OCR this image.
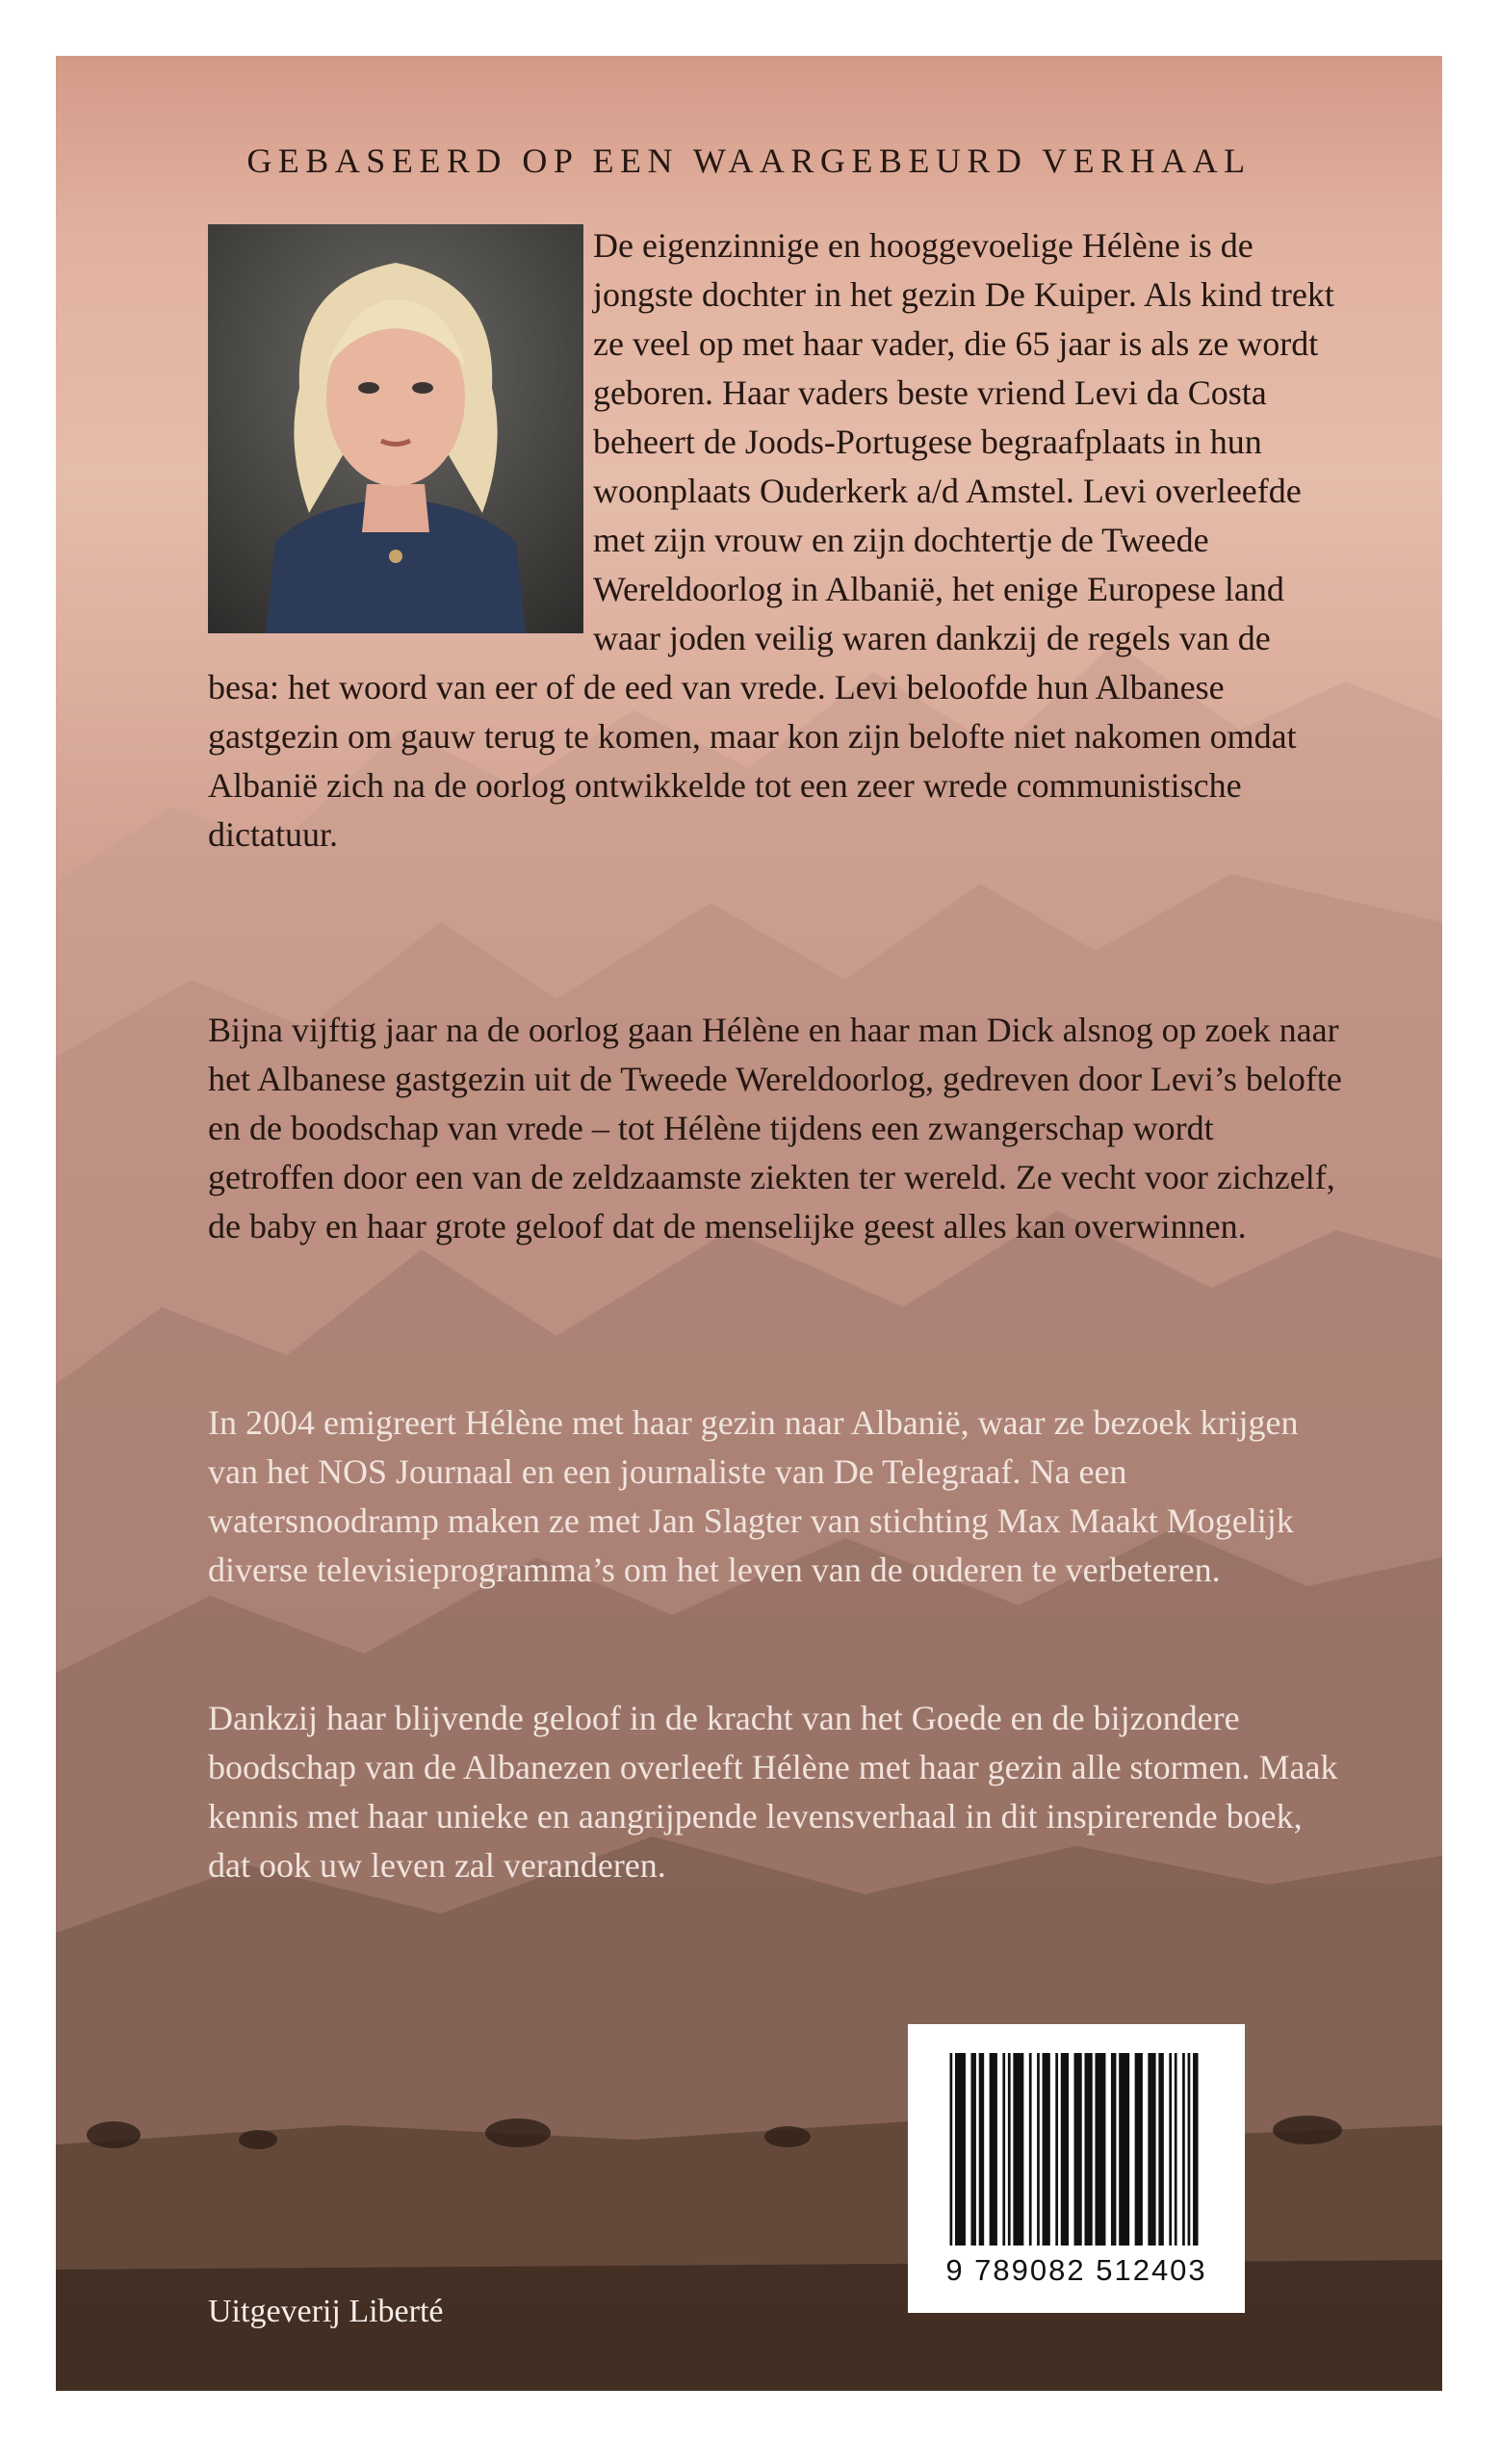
GEBASEERD OP EEN WAARGEBEURD VERHAAL

De eigenzinnige en hooggevoelige Hélène is de jongste dochter in het gezin De Kuiper. Als kind trekt ze veel op met haar vader, die 65 jaar is als ze wordt geboren. Haar vaders beste vriend Levi da Costa beheert de Joods-Portugese begraafplaats in hun woonplaats Ouderkerk a/d Amstel. Levi overleefde met zijn vrouw en zijn dochtertje de Tweede Wereldoorlog in Albanië, het enige Europese land waar joden veilig waren dankzij de regels van de besa: het woord van eer of de eed van vrede. Levi beloofde hun Albanese gastgezin om gauw terug te komen, maar kon zijn belofte niet nakomen omdat Albanië zich na de oorlog ontwikkelde tot een zeer wrede communistische dictatuur.

Bijna vijftig jaar na de oorlog gaan Hélène en haar man Dick alsnog op zoek naar het Albanese gastgezin uit de Tweede Wereldoorlog, gedreven door Levi’s belofte en de boodschap van vrede – tot Hélène tijdens een zwangerschap wordt getroffen door een van de zeldzaamste ziekten ter wereld. Ze vecht voor zichzelf, de baby en haar grote geloof dat de menselijke geest alles kan overwinnen.

In 2004 emigreert Hélène met haar gezin naar Albanië, waar ze bezoek krijgen van het NOS Journaal en een journaliste van De Telegraaf. Na een watersnoodramp maken ze met Jan Slagter van stichting Max Maakt Mogelijk diverse televisieprogramma’s om het leven van de ouderen te verbeteren.

Dankzij haar blijvende geloof in de kracht van het Goede en de bijzondere boodschap van de Albanezen overleeft Hélène met haar gezin alle stormen. Maak kennis met haar unieke en aangrijpende levensverhaal in dit inspirerende boek, dat ook uw leven zal veranderen.

Uitgeverij Liberté

9 789082 512403
